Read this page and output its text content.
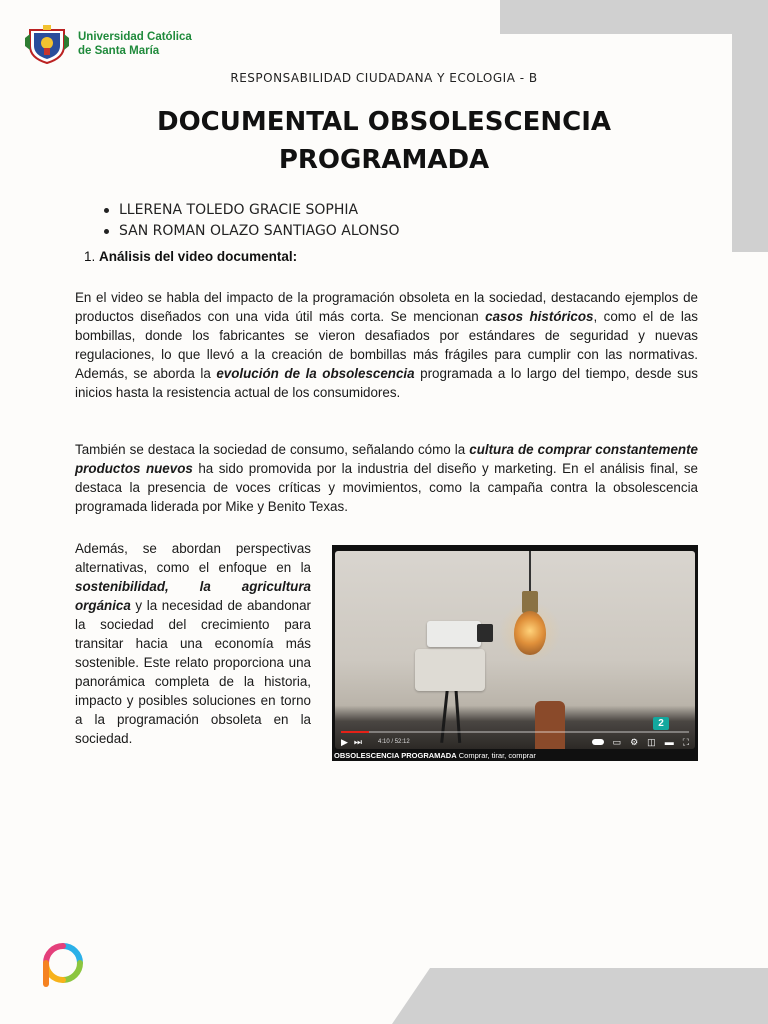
Universidad Católica
de Santa María
RESPONSABILIDAD CIUDADANA Y ECOLOGIA - B
DOCUMENTAL OBSOLESCENCIA
PROGRAMADA
LLERENA TOLEDO GRACIE SOPHIA
SAN ROMAN OLAZO SANTIAGO ALONSO
1. Análisis del video documental:

En el video se habla del impacto de la programación obsoleta en la sociedad, destacando ejemplos de productos diseñados con una vida útil más corta. Se mencionan casos históricos, como el de las bombillas, donde los fabricantes se vieron desafiados por estándares de seguridad y nuevas regulaciones, lo que llevó a la creación de bombillas más frágiles para cumplir con las normativas. Además, se aborda la evolución de la obsolescencia programada a lo largo del tiempo, desde sus inicios hasta la resistencia actual de los consumidores.

También se destaca la sociedad de consumo, señalando cómo la cultura de comprar constantemente productos nuevos ha sido promovida por la industria del diseño y marketing. En el análisis final, se destaca la presencia de voces críticas y movimientos, como la campaña contra la obsolescencia programada liderada por Mike y Benito Texas.

Además, se abordan perspectivas alternativas, como el enfoque en la sostenibilidad, la agricultura orgánica y la necesidad de abandonar la sociedad del crecimiento para transitar hacia una economía más sostenible. Este relato proporciona una panorámica completa de la historia, impacto y posibles soluciones en torno a la programación obsoleta en la sociedad.

2
▶ ⏭	4:10 / 52:12	▭ ⚙ ◫ ▬ ⛶
OBSOLESCENCIA PROGRAMADA Comprar, tirar, comprar
